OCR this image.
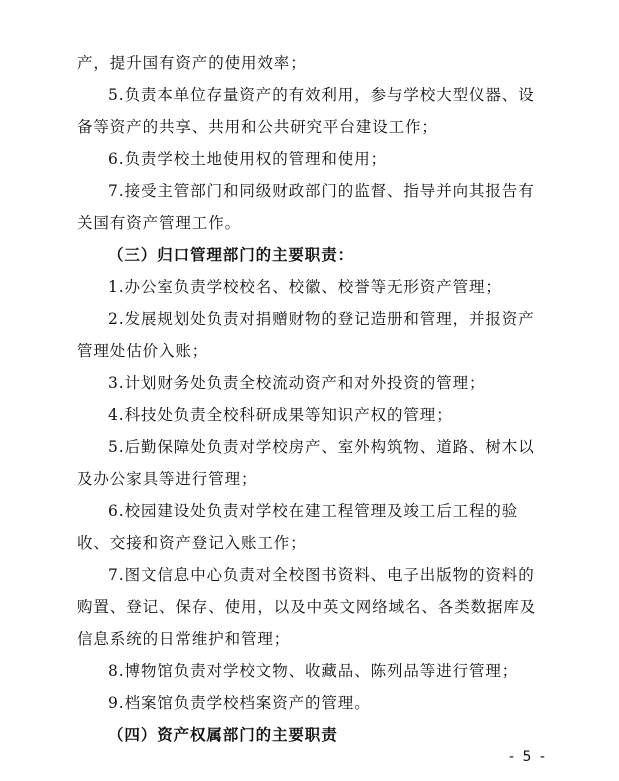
产，提升国有资产的使用效率；
5.负责本单位存量资产的有效利用，参与学校大型仪器、设
备等资产的共享、共用和公共研究平台建设工作；
6.负责学校土地使用权的管理和使用；
7.接受主管部门和同级财政部门的监督、指导并向其报告有
关国有资产管理工作。
（三）归口管理部门的主要职责：
1.办公室负责学校校名、校徽、校誉等无形资产管理；
2.发展规划处负责对捐赠财物的登记造册和管理，并报资产
管理处估价入账；
3.计划财务处负责全校流动资产和对外投资的管理；
4.科技处负责全校科研成果等知识产权的管理；
5.后勤保障处负责对学校房产、室外构筑物、道路、树木以
及办公家具等进行管理；
6.校园建设处负责对学校在建工程管理及竣工后工程的验
收、交接和资产登记入账工作；
7.图文信息中心负责对全校图书资料、电子出版物的资料的
购置、登记、保存、使用，以及中英文网络域名、各类数据库及
信息系统的日常维护和管理；
8.博物馆负责对学校文物、收藏品、陈列品等进行管理；
9.档案馆负责学校档案资产的管理。
（四）资产权属部门的主要职责
- 5 -
